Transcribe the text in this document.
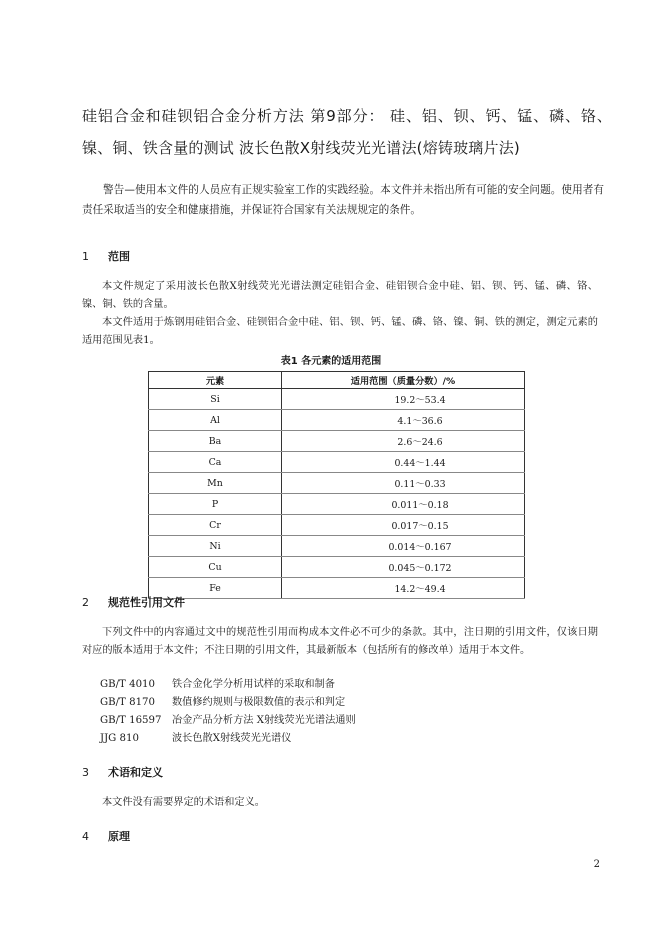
硅铝合金和硅钡铝合金分析方法 第9部分： 硅、铝、钡、钙、锰、磷、铬、镍、铜、铁含量的测试 波长色散X射线荧光光谱法(熔铸玻璃片法)
警告—使用本文件的人员应有正规实验室工作的实践经验。本文件并未指出所有可能的安全问题。使用者有责任采取适当的安全和健康措施，并保证符合国家有关法规规定的条件。
1 范围
本文件规定了采用波长色散X射线荧光光谱法测定硅铝合金、硅铝钡合金中硅、铝、钡、钙、锰、磷、铬、镍、铜、铁的含量。
本文件适用于炼钢用硅铝合金、硅钡铝合金中硅、铝、钡、钙、锰、磷、铬、镍、铜、铁的测定，测定元素的适用范围见表1。
表1 各元素的适用范围
元素	适用范围（质量分数）/%
Si	19.2～53.4
Al	4.1～36.6
Ba	2.6～24.6
Ca	0.44～1.44
Mn	0.11～0.33
P	0.011～0.18
Cr	0.017～0.15
Ni	0.014～0.167
Cu	0.045～0.172
Fe	14.2～49.4
2 规范性引用文件
下列文件中的内容通过文中的规范性引用而构成本文件必不可少的条款。其中，注日期的引用文件，仅该日期对应的版本适用于本文件；不注日期的引用文件，其最新版本（包括所有的修改单）适用于本文件。
GB/T 4010 铁合金化学分析用试样的采取和制备
GB/T 8170 数值修约规则与极限数值的表示和判定
GB/T 16597 冶金产品分析方法 X射线荧光光谱法通则
JJG 810	波长色散X射线荧光光谱仪
3 术语和定义
本文件没有需要界定的术语和定义。
4 原理
2
